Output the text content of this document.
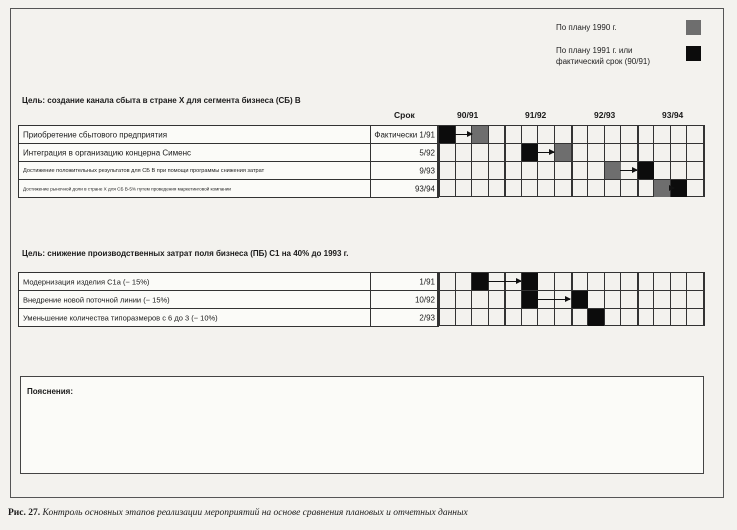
По плану 1990 г.
По плану 1991 г. или
фактический срок (90/91)
Цель: создание канала сбыта в стране X для сегмента бизнеса (СБ) В
Срок	90/91	91/92	92/93	93/94
Приобретение сбытового предприятия	Фактически 1/91
Интеграция в организацию концерна Сименс	5/92
Достижение положительных результатов для СБ В при помощи программы снижения затрат	9/93
Достижение рыночной доли в стране X для СБ В-5% путем проведения маркетинговой компании	93/94
Цель: снижение производственных затрат поля бизнеса (ПБ) С1 на 40% до 1993 г.
Модернизация изделия С1а (− 15%)	1/91
Внедрение новой поточной линии (− 15%)	10/92
Уменьшение количества типоразмеров с 6 до 3 (− 10%)	2/93
Пояснения:
Рис. 27. Контроль основных этапов реализации мероприятий на основе сравнения плановых и отчетных данных
